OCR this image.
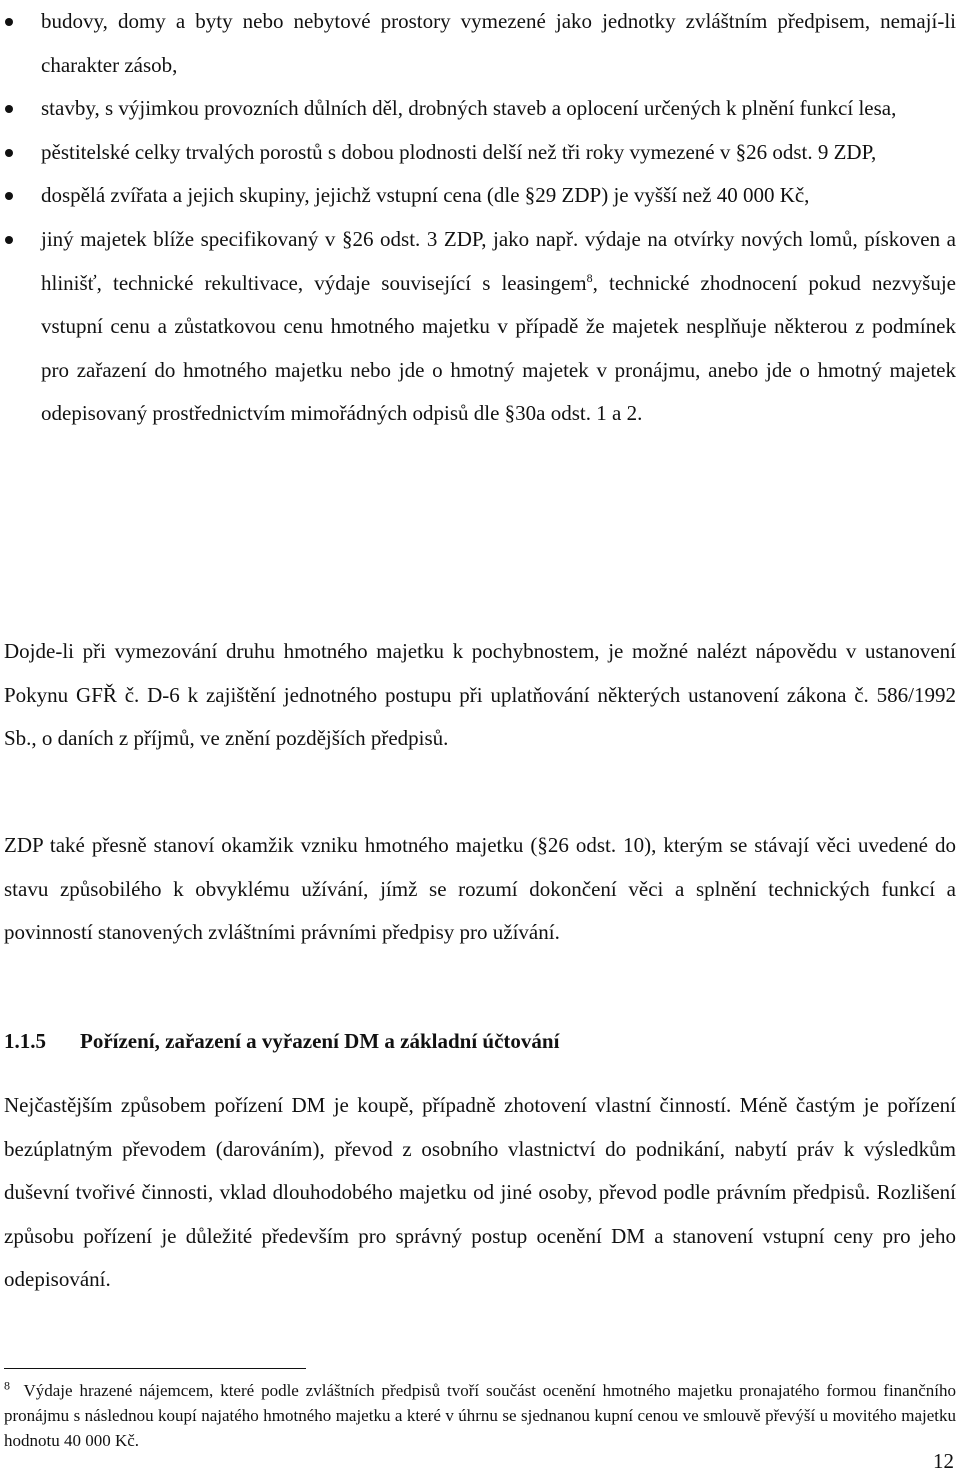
budovy, domy a byty nebo nebytové prostory vymezené jako jednotky zvláštním předpisem, nemají-li charakter zásob,
stavby, s výjimkou provozních důlních děl, drobných staveb a oplocení určených k plnění funkcí lesa,
pěstitelské celky trvalých porostů s dobou plodnosti delší než tři roky vymezené v §26 odst. 9 ZDP,
dospělá zvířata a jejich skupiny, jejichž vstupní cena (dle §29 ZDP) je vyšší než 40 000 Kč,
jiný majetek blíže specifikovaný v §26 odst. 3 ZDP, jako např. výdaje na otvírky nových lomů, pískoven a hlinišť, technické rekultivace, výdaje související s leasingem$^8$, technické zhodnocení pokud nezvyšuje vstupní cenu a zůstatkovou cenu hmotného majetku v případě že majetek nesplňuje některou z podmínek pro zařazení do hmotného majetku nebo jde o hmotný majetek v pronájmu, anebo jde o hmotný majetek odepisovaný prostřednictvím mimořádných odpisů dle §30a odst. 1 a 2.

Dojde-li při vymezování druhu hmotného majetku k pochybnostem, je možné nalézt nápovědu v ustanovení Pokynu GFŘ č. D-6 k zajištění jednotného postupu při uplatňování některých ustanovení zákona č. 586/1992 Sb., o daních z příjmů, ve znění pozdějších předpisů.

ZDP také přesně stanoví okamžik vzniku hmotného majetku (§26 odst. 10), kterým se stávají věci uvedené do stavu způsobilého k obvyklému užívání, jímž se rozumí dokončení věci a splnění technických funkcí a povinností stanovených zvláštními právními předpisy pro užívání.

1.1.5 Pořízení, zařazení a vyřazení DM a základní účtování

Nejčastějším způsobem pořízení DM je koupě, případně zhotovení vlastní činností. Méně častým je pořízení bezúplatným převodem (darováním), převod z osobního vlastnictví do podnikání, nabytí práv k výsledkům duševní tvořivé činnosti, vklad dlouhodobého majetku od jiné osoby, převod podle právním předpisů. Rozlišení způsobu pořízení je důležité především pro správný postup ocenění DM a stanovení vstupní ceny pro jeho odepisování.

$^8$ Výdaje hrazené nájemcem, které podle zvláštních předpisů tvoří součást ocenění hmotného majetku pronajatého formou finančního pronájmu s následnou koupí najatého hmotného majetku a které v úhrnu se sjednanou kupní cenou ve smlouvě převýší u movitého majetku hodnotu 40 000 Kč.

12
